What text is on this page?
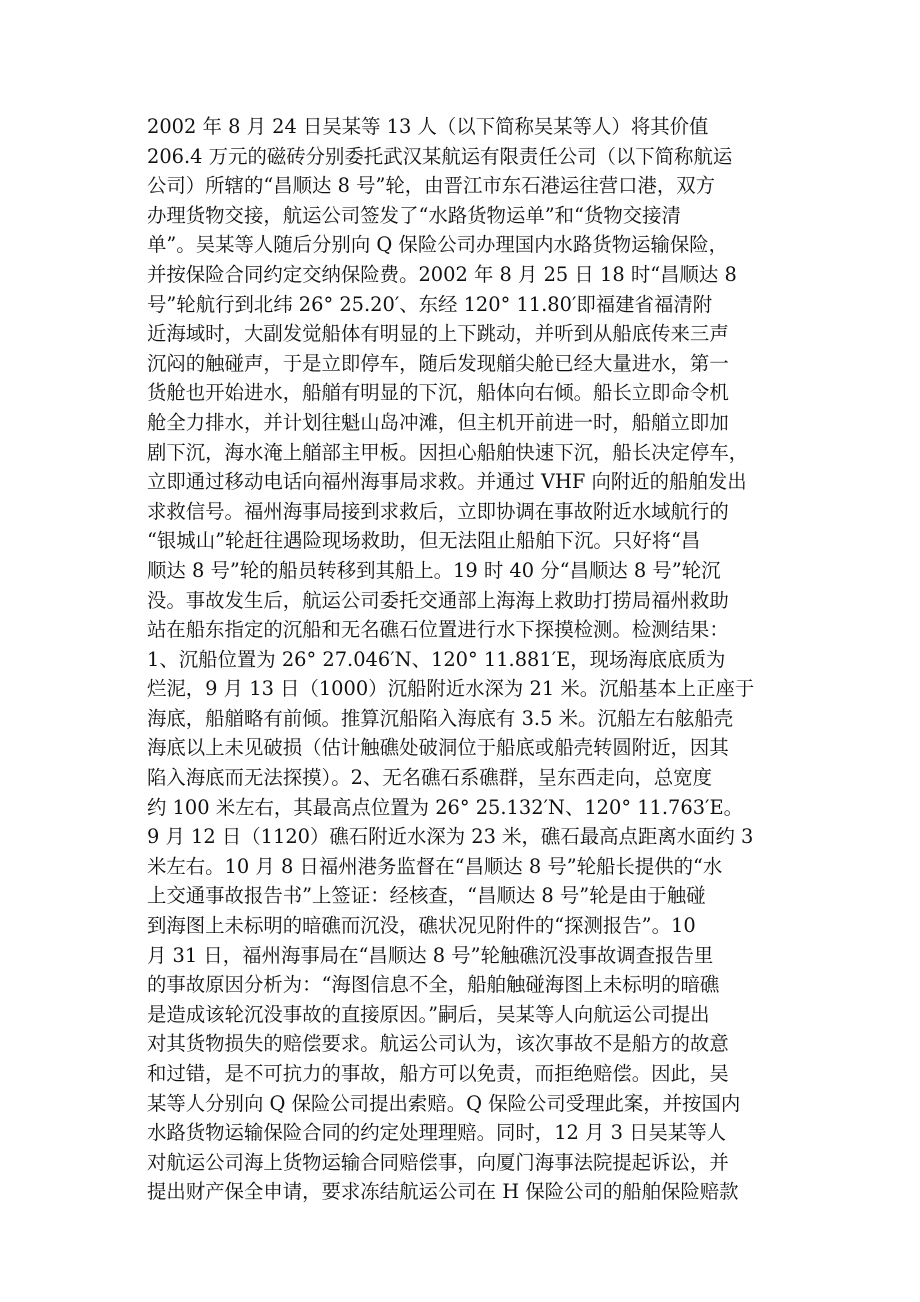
2002 年 8 月 24 日吴某等 13 人（以下简称吴某等人）将其价值
206.4 万元的磁砖分别委托武汉某航运有限责任公司（以下简称航运
公司）所辖的“昌顺达 8 号”轮，由晋江市东石港运往营口港，双方
办理货物交接，航运公司签发了“水路货物运单”和“货物交接清
单”。吴某等人随后分别向 Q 保险公司办理国内水路货物运输保险，
并按保险合同约定交纳保险费。2002 年 8 月 25 日 18 时“昌顺达 8
号”轮航行到北纬 26° 25.20′、东经 120° 11.80′即福建省福清附
近海域时，大副发觉船体有明显的上下跳动，并听到从船底传来三声
沉闷的触碰声，于是立即停车，随后发现艏尖舱已经大量进水，第一
货舱也开始进水，船艏有明显的下沉，船体向右倾。船长立即命令机
舱全力排水，并计划往魁山岛冲滩，但主机开前进一时，船艏立即加
剧下沉，海水淹上艏部主甲板。因担心船舶快速下沉，船长决定停车，
立即通过移动电话向福州海事局求救。并通过 VHF 向附近的船舶发出
求救信号。福州海事局接到求救后，立即协调在事故附近水域航行的
“银城山”轮赶往遇险现场救助，但无法阻止船舶下沉。只好将“昌
顺达 8 号”轮的船员转移到其船上。19 时 40 分“昌顺达 8 号”轮沉
没。事故发生后，航运公司委托交通部上海海上救助打捞局福州救助
站在船东指定的沉船和无名礁石位置进行水下探摸检测。检测结果：
1、沉船位置为 26° 27.046′N、120° 11.881′E，现场海底底质为
烂泥，9 月 13 日（1000）沉船附近水深为 21 米。沉船基本上正座于
海底，船艏略有前倾。推算沉船陷入海底有 3.5 米。沉船左右舷船壳
海底以上未见破损（估计触礁处破洞位于船底或船壳转圆附近，因其
陷入海底而无法探摸）。2、无名礁石系礁群，呈东西走向，总宽度
约 100 米左右，其最高点位置为 26° 25.132′N、120° 11.763′E。
9 月 12 日（1120）礁石附近水深为 23 米，礁石最高点距离水面约 3
米左右。10 月 8 日福州港务监督在“昌顺达 8 号”轮船长提供的“水
上交通事故报告书”上签证：经核查，“昌顺达 8 号”轮是由于触碰
到海图上未标明的暗礁而沉没，礁状况见附件的“探测报告”。10
月 31 日，福州海事局在“昌顺达 8 号”轮触礁沉没事故调查报告里
的事故原因分析为：“海图信息不全，船舶触碰海图上未标明的暗礁
是造成该轮沉没事故的直接原因。”嗣后，吴某等人向航运公司提出
对其货物损失的赔偿要求。航运公司认为，该次事故不是船方的故意
和过错，是不可抗力的事故，船方可以免责，而拒绝赔偿。因此，吴
某等人分别向 Q 保险公司提出索赔。Q 保险公司受理此案，并按国内
水路货物运输保险合同的约定处理理赔。同时，12 月 3 日吴某等人
对航运公司海上货物运输合同赔偿事，向厦门海事法院提起诉讼，并
提出财产保全申请，要求冻结航运公司在 H 保险公司的船舶保险赔款
